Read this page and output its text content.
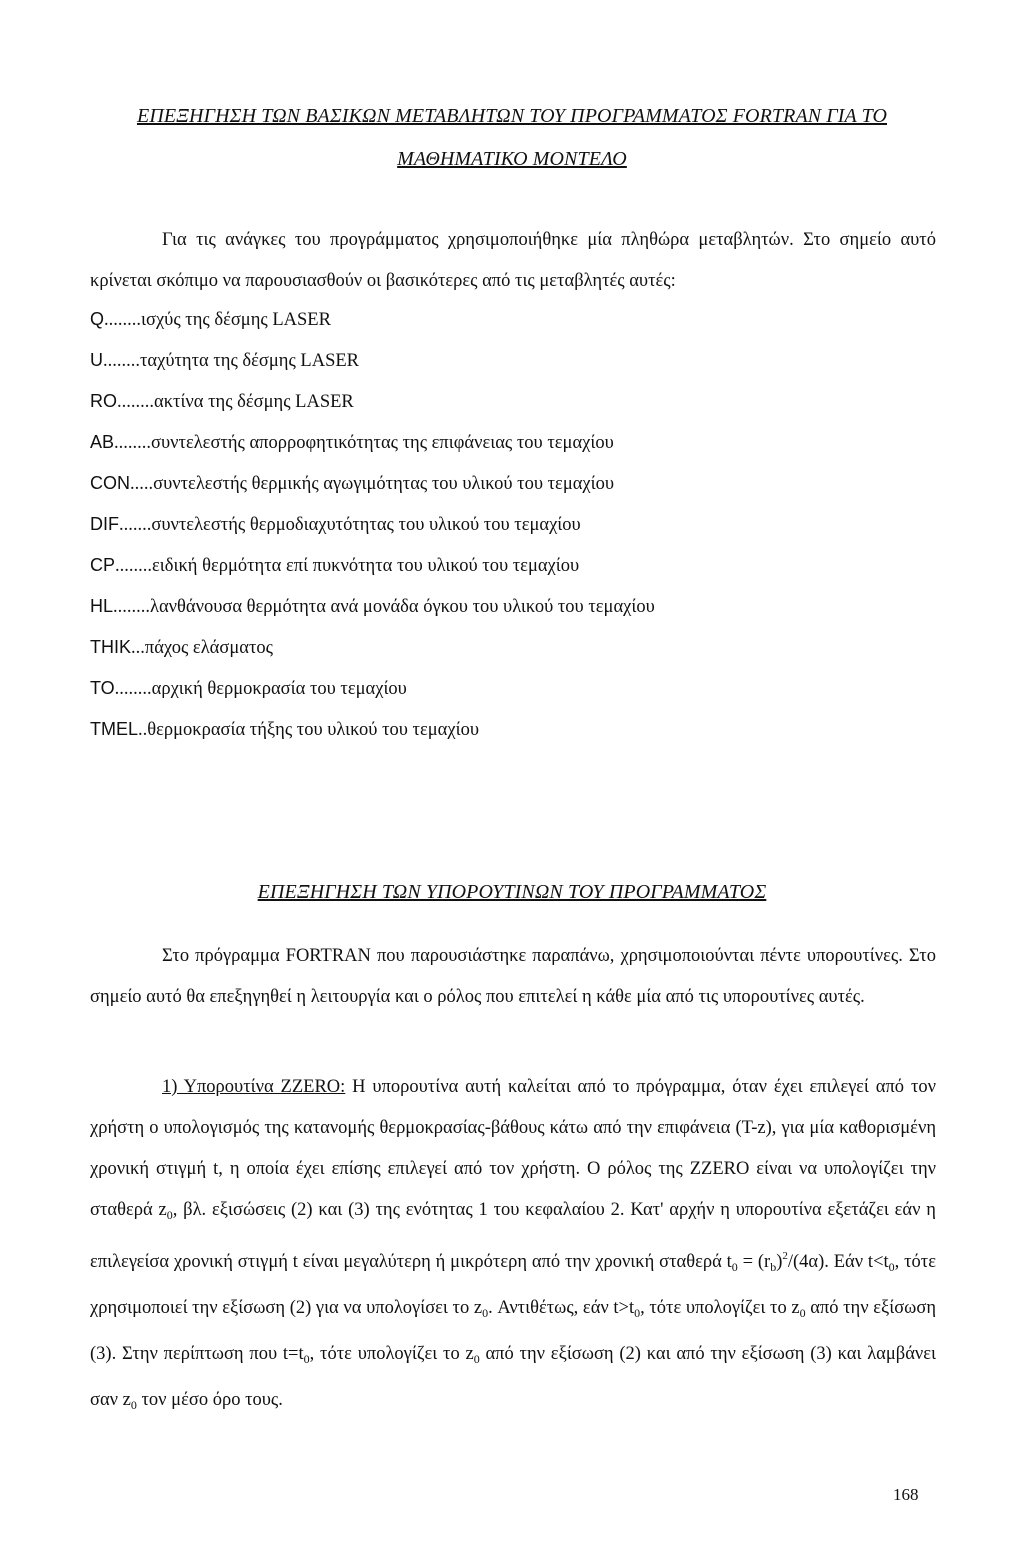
ΕΠΕΞΗΓΗΣΗ ΤΩΝ ΒΑΣΙΚΩΝ ΜΕΤΑΒΛΗΤΩΝ ΤΟΥ ΠΡΟΓΡΑΜΜΑΤΟΣ FORTRAN ΓΙΑ ΤΟ
ΜΑΘΗΜΑΤΙΚΟ ΜΟΝΤΕΛΟ
Για τις ανάγκες του προγράμματος χρησιμοποιήθηκε μία πληθώρα μεταβλητών. Στο σημείο αυτό κρίνεται σκόπιμο να παρουσιασθούν οι βασικότερες από τις μεταβλητές αυτές:
Q........ισχύς της δέσμης LASER
U........ταχύτητα της δέσμης LASER
RO........ακτίνα της δέσμης LASER
AB........συντελεστής απορροφητικότητας της επιφάνειας του τεμαχίου
CON.....συντελεστής θερμικής αγωγιμότητας του υλικού του τεμαχίου
DIF.......συντελεστής θερμοδιαχυτότητας του υλικού του τεμαχίου
CP........ειδική θερμότητα επί πυκνότητα του υλικού του τεμαχίου
HL........λανθάνουσα θερμότητα ανά μονάδα όγκου του υλικού του τεμαχίου
THIK...πάχος ελάσματος
TO........αρχική θερμοκρασία του τεμαχίου
TMEL..θερμοκρασία τήξης του υλικού του τεμαχίου
ΕΠΕΞΗΓΗΣΗ ΤΩΝ ΥΠΟΡΟΥΤΙΝΩΝ ΤΟΥ ΠΡΟΓΡΑΜΜΑΤΟΣ
Στο πρόγραμμα FORTRAN που παρουσιάστηκε παραπάνω, χρησιμοποιούνται πέντε υπορουτίνες. Στο σημείο αυτό θα επεξηγηθεί η λειτουργία και ο ρόλος που επιτελεί η κάθε μία από τις υπορουτίνες αυτές.
1) Υπορουτίνα ZZERO: Η υπορουτίνα αυτή καλείται από το πρόγραμμα, όταν έχει επιλεγεί από τον χρήστη ο υπολογισμός της κατανομής θερμοκρασίας-βάθους κάτω από την επιφάνεια (T-z), για μία καθορισμένη χρονική στιγμή t, η οποία έχει επίσης επιλεγεί από τον χρήστη. Ο ρόλος της ZZERO είναι να υπολογίζει την σταθερά $z_0$, βλ. εξισώσεις (2) και (3) της ενότητας 1 του κεφαλαίου 2. Κατ' αρχήν η υπορουτίνα εξετάζει εάν η επιλεγείσα χρονική στιγμή t είναι μεγαλύτερη ή μικρότερη από την χρονική σταθερά $t_0 = (r_b)^2/(4\alpha)$. Εάν $t<t_0$, τότε χρησιμοποιεί την εξίσωση (2) για να υπολογίσει το $z_0$. Αντιθέτως, εάν $t>t_0$, τότε υπολογίζει το $z_0$ από την εξίσωση (3). Στην περίπτωση που $t=t_0$, τότε υπολογίζει το $z_0$ από την εξίσωση (2) και από την εξίσωση (3) και λαμβάνει σαν $z_0$ τον μέσο όρο τους.
168
